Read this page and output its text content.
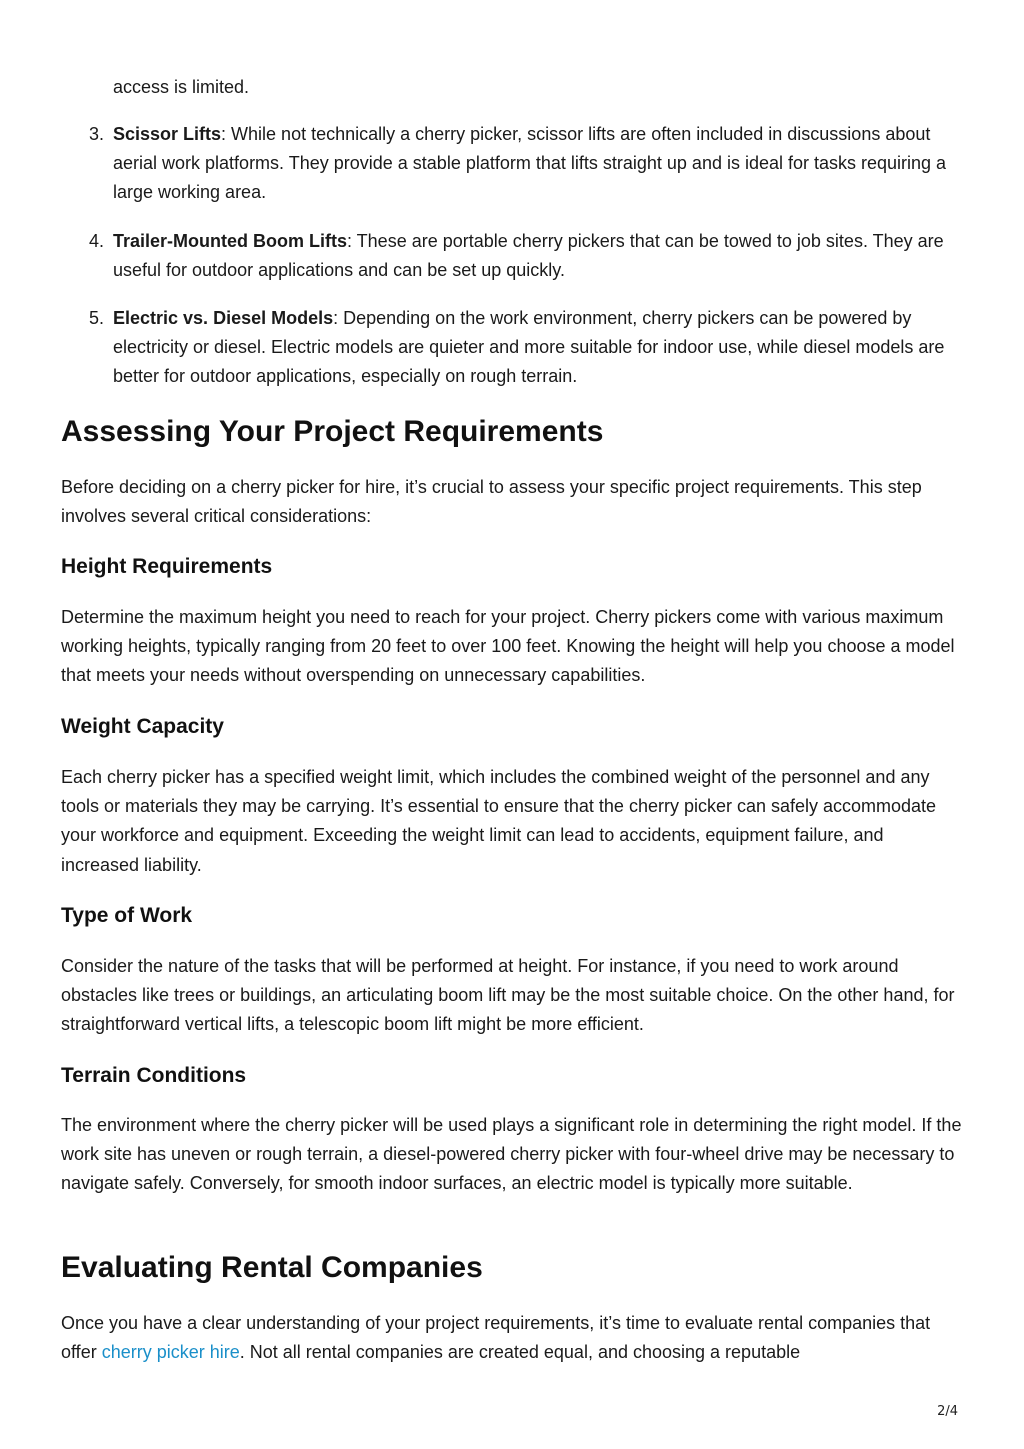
access is limited.

3. Scissor Lifts: While not technically a cherry picker, scissor lifts are often included in discussions about aerial work platforms. They provide a stable platform that lifts straight up and is ideal for tasks requiring a large working area.
4. Trailer-Mounted Boom Lifts: These are portable cherry pickers that can be towed to job sites. They are useful for outdoor applications and can be set up quickly.
5. Electric vs. Diesel Models: Depending on the work environment, cherry pickers can be powered by electricity or diesel. Electric models are quieter and more suitable for indoor use, while diesel models are better for outdoor applications, especially on rough terrain.
Assessing Your Project Requirements

Before deciding on a cherry picker for hire, it’s crucial to assess your specific project requirements. This step involves several critical considerations:

Height Requirements

Determine the maximum height you need to reach for your project. Cherry pickers come with various maximum working heights, typically ranging from 20 feet to over 100 feet. Knowing the height will help you choose a model that meets your needs without overspending on unnecessary capabilities.

Weight Capacity

Each cherry picker has a specified weight limit, which includes the combined weight of the personnel and any tools or materials they may be carrying. It’s essential to ensure that the cherry picker can safely accommodate your workforce and equipment. Exceeding the weight limit can lead to accidents, equipment failure, and increased liability.

Type of Work

Consider the nature of the tasks that will be performed at height. For instance, if you need to work around obstacles like trees or buildings, an articulating boom lift may be the most suitable choice. On the other hand, for straightforward vertical lifts, a telescopic boom lift might be more efficient.

Terrain Conditions

The environment where the cherry picker will be used plays a significant role in determining the right model. If the work site has uneven or rough terrain, a diesel-powered cherry picker with four-wheel drive may be necessary to navigate safely. Conversely, for smooth indoor surfaces, an electric model is typically more suitable.

Evaluating Rental Companies

Once you have a clear understanding of your project requirements, it’s time to evaluate rental companies that offer cherry picker hire. Not all rental companies are created equal, and choosing a reputable

2/4
